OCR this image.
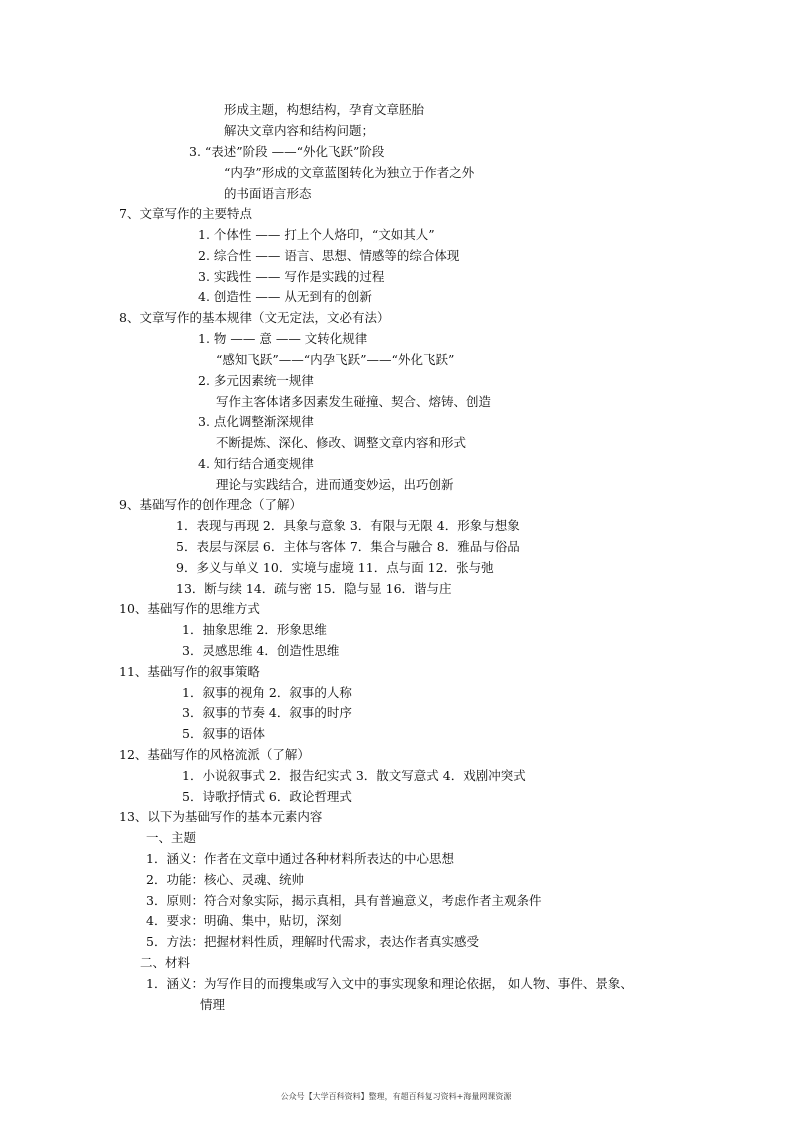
形成主题，构想结构，孕育文章胚胎
解决文章内容和结构问题；
3. “表述”阶段 ——“外化飞跃”阶段
“内孕”形成的文章蓝图转化为独立于作者之外
的书面语言形态
7、文章写作的主要特点
1. 个体性 —— 打上个人烙印，“文如其人”
2. 综合性 —— 语言、思想、情感等的综合体现
3. 实践性 —— 写作是实践的过程
4. 创造性 —— 从无到有的创新
8、文章写作的基本规律（文无定法，文必有法）
1. 物 —— 意 —— 文转化规律
“感知飞跃”——“内孕飞跃”——“外化飞跃”
2. 多元因素统一规律
写作主客体诸多因素发生碰撞、契合、熔铸、创造
3. 点化调整渐深规律
不断提炼、深化、修改、调整文章内容和形式
4. 知行结合通变规律
理论与实践结合，进而通变妙运，出巧创新
9、基础写作的创作理念（了解）
1．表现与再现 2．具象与意象 3．有限与无限 4．形象与想象
5．表层与深层 6．主体与客体 7．集合与融合 8．雅品与俗品
9．多义与单义 10．实境与虚境 11．点与面 12．张与弛
13．断与续 14．疏与密 15．隐与显 16．谐与庄
10、基础写作的思维方式
1．抽象思维 2．形象思维
3．灵感思维 4．创造性思维
11、基础写作的叙事策略
1．叙事的视角 2．叙事的人称
3．叙事的节奏 4．叙事的时序
5．叙事的语体
12、基础写作的风格流派（了解）
1．小说叙事式 2．报告纪实式 3．散文写意式 4．戏剧冲突式
5．诗歌抒情式 6．政论哲理式
13、以下为基础写作的基本元素内容
一、主题
1．涵义：作者在文章中通过各种材料所表达的中心思想
2．功能：核心、灵魂、统帅
3．原则：符合对象实际，揭示真相，具有普遍意义，考虑作者主观条件
4．要求：明确、集中，贴切，深刻
5．方法：把握材料性质，理解时代需求，表达作者真实感受
二、材料
1．涵义：为写作目的而搜集或写入文中的事实现象和理论依据， 如人物、事件、景象、
情理
公众号【大学百科资料】整理，有超百科复习资料+海量网课资源
